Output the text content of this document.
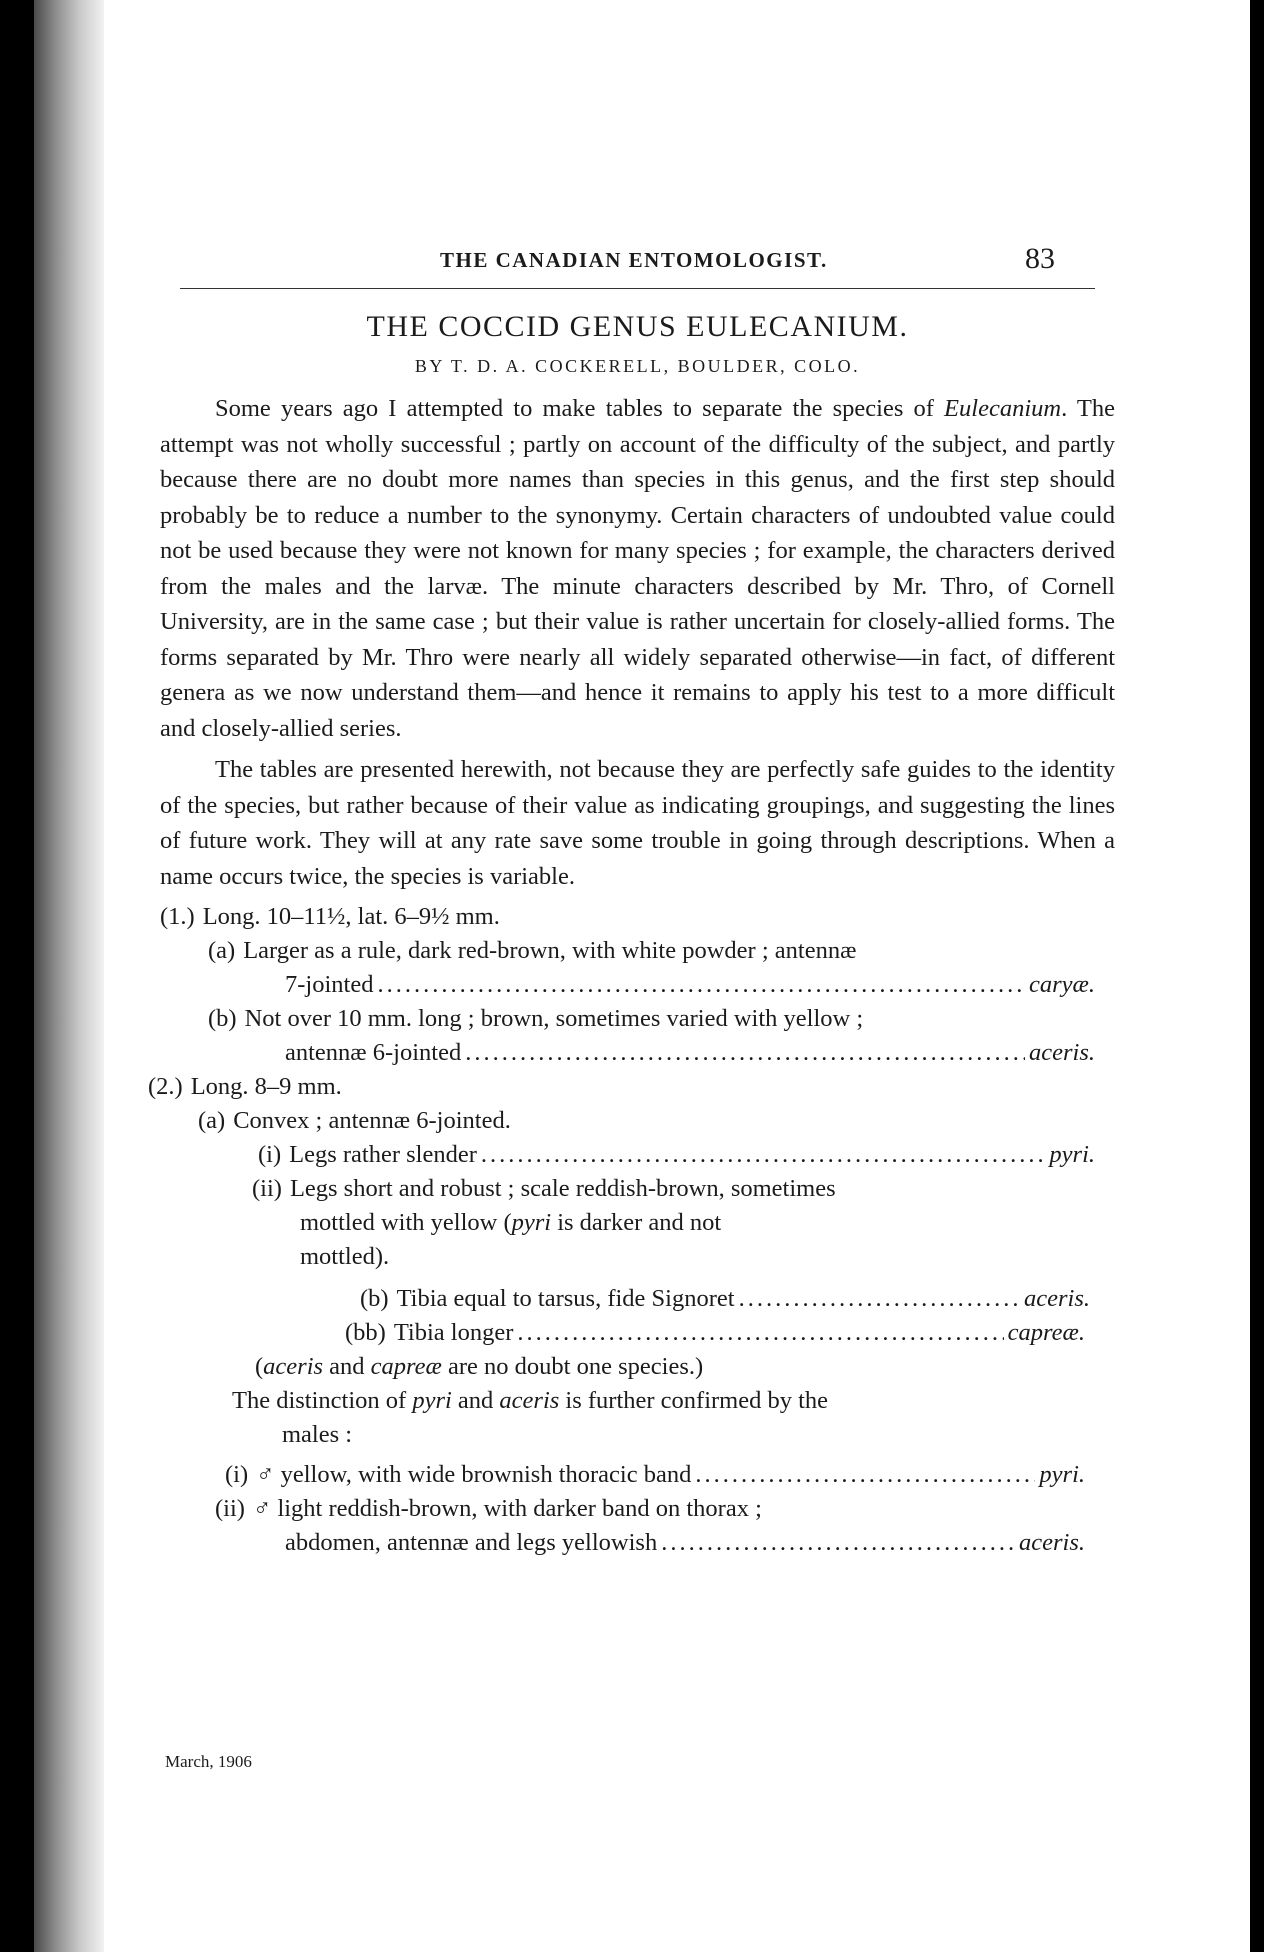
THE CANADIAN ENTOMOLOGIST.	83
THE COCCID GENUS EULECANIUM.
BY T. D. A. COCKERELL, BOULDER, COLO.

Some years ago I attempted to make tables to separate the species of Eulecanium. The attempt was not wholly successful ; partly on account of the difficulty of the subject, and partly because there are no doubt more names than species in this genus, and the first step should probably be to reduce a number to the synonymy. Certain characters of undoubted value could not be used because they were not known for many species ; for example, the characters derived from the males and the larvæ. The minute characters described by Mr. Thro, of Cornell University, are in the same case ; but their value is rather uncertain for closely-allied forms. The forms separated by Mr. Thro were nearly all widely separated otherwise—in fact, of different genera as we now understand them—and hence it remains to apply his test to a more difficult and closely-allied series.

The tables are presented herewith, not because they are perfectly safe guides to the identity of the species, but rather because of their value as indicating groupings, and suggesting the lines of future work. They will at any rate save some trouble in going through descriptions. When a name occurs twice, the species is variable.

(1.) Long. 10–11½, lat. 6–9½ mm.
(a) Larger as a rule, dark red-brown, with white powder ; antennæ
7-jointed .....	caryæ.
(b) Not over 10 mm. long ; brown, sometimes varied with yellow ;
antennæ 6-jointed .....	aceris.
(2.) Long. 8–9 mm.
(a) Convex ; antennæ 6-jointed.
(i) Legs rather slender .....	pyri.
(ii) Legs short and robust ; scale reddish-brown, sometimes
mottled with yellow (pyri is darker and not
mottled).
(b) Tibia equal to tarsus, fide Signoret .....	aceris.
(bb) Tibia longer .....	capreæ.
(aceris and capreæ are no doubt one species.)
The distinction of pyri and aceris is further confirmed by the
males :
(i) ♂ yellow, with wide brownish thoracic band .....	pyri.
(ii) ♂ light reddish-brown, with darker band on thorax ;
abdomen, antennæ and legs yellowish .....	aceris.
March, 1906
